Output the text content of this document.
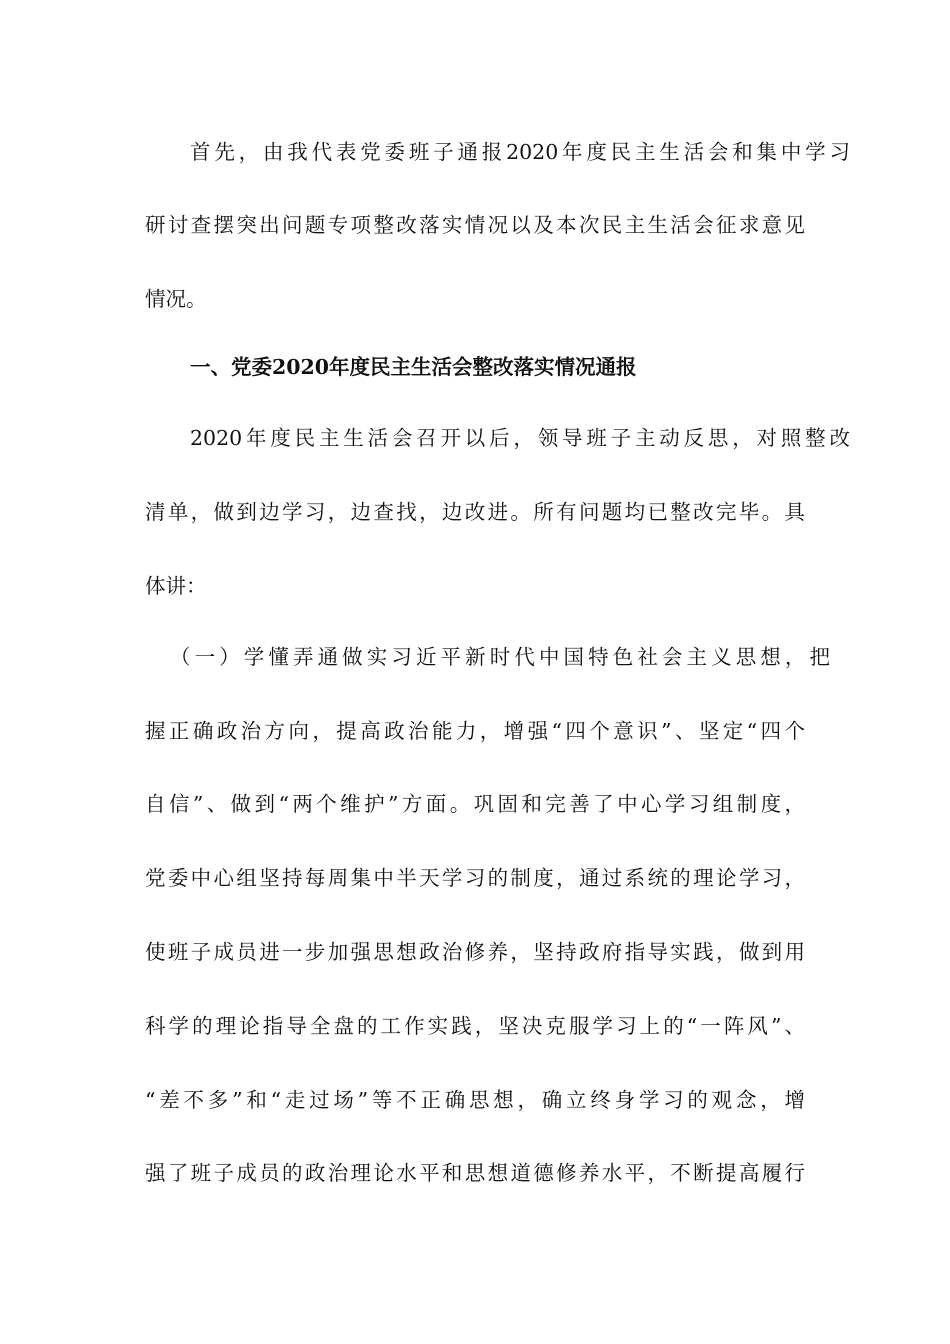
首先，由我代表党委班子通报2020年度民主生活会和集中学习

研讨查摆突出问题专项整改落实情况以及本次民主生活会征求意见

情况。

一、党委2020年度民主生活会整改落实情况通报

2020年度民主生活会召开以后，领导班子主动反思，对照整改

清单，做到边学习，边查找，边改进。所有问题均已整改完毕。具

体讲：

（一）学懂弄通做实习近平新时代中国特色社会主义思想，把

握正确政治方向，提高政治能力，增强“四个意识”、坚定“四个

自信”、做到“两个维护”方面。巩固和完善了中心学习组制度，

党委中心组坚持每周集中半天学习的制度，通过系统的理论学习，

使班子成员进一步加强思想政治修养，坚持政府指导实践，做到用

科学的理论指导全盘的工作实践，坚决克服学习上的“一阵风”、

“差不多”和“走过场”等不正确思想，确立终身学习的观念，增

强了班子成员的政治理论水平和思想道德修养水平，不断提高履行
